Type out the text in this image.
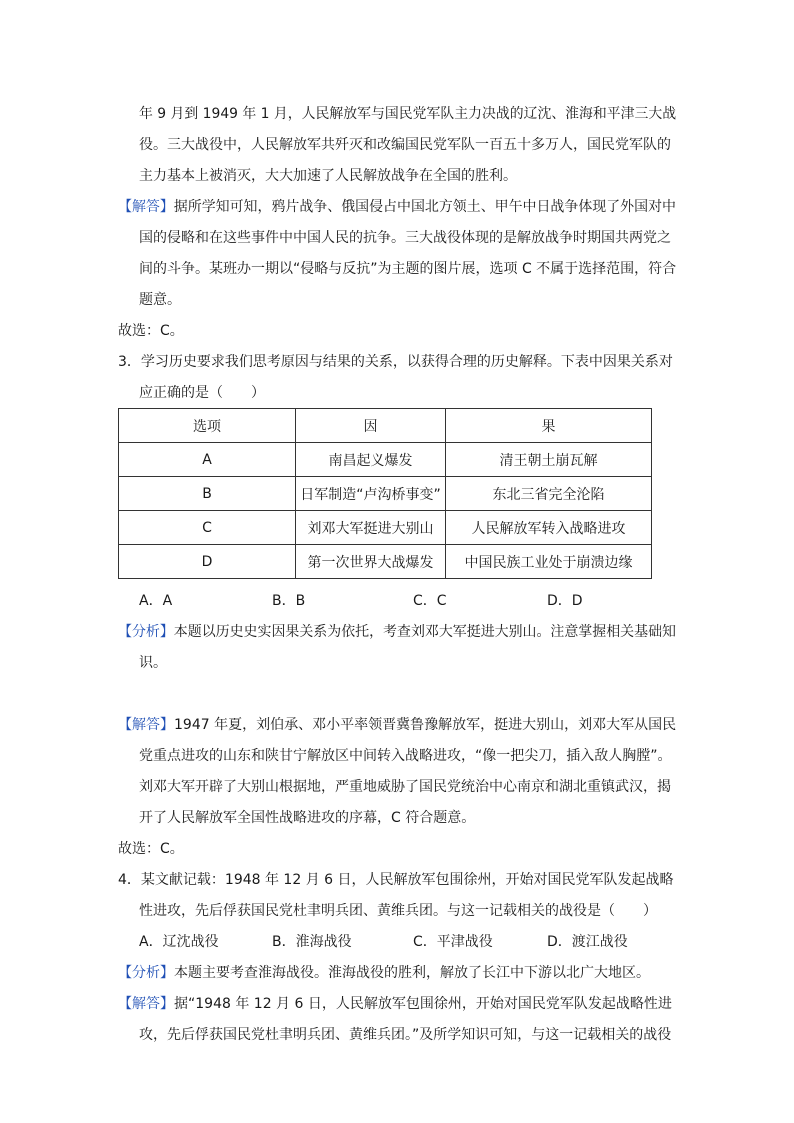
年 9 月到 1949 年 1 月，人民解放军与国民党军队主力决战的辽沈、淮海和平津三大战
役。三大战役中，人民解放军共歼灭和改编国民党军队一百五十多万人，国民党军队的
主力基本上被消灭，大大加速了人民解放战争在全国的胜利。
【解答】据所学知可知，鸦片战争、俄国侵占中国北方领土、甲午中日战争体现了外国对中
国的侵略和在这些事件中中国人民的抗争。三大战役体现的是解放战争时期国共两党之
间的斗争。某班办一期以“侵略与反抗”为主题的图片展，选项 C 不属于选择范围，符合
题意。
故选：C。
3．学习历史要求我们思考原因与结果的关系，以获得合理的历史解释。下表中因果关系对
应正确的是（　　）
选项	因	果
A	南昌起义爆发	清王朝土崩瓦解
B	日军制造“卢沟桥事变”	东北三省完全沦陷
C	刘邓大军挺进大别山	人民解放军转入战略进攻
D	第一次世界大战爆发	中国民族工业处于崩溃边缘
A．A	B．B	C．C	D．D
【分析】本题以历史史实因果关系为依托，考查刘邓大军挺进大别山。注意掌握相关基础知
识。
【解答】1947 年夏，刘伯承、邓小平率领晋冀鲁豫解放军，挺进大别山，刘邓大军从国民
党重点进攻的山东和陕甘宁解放区中间转入战略进攻，“像一把尖刀，插入敌人胸膛”。
刘邓大军开辟了大别山根据地，严重地威胁了国民党统治中心南京和湖北重镇武汉，揭
开了人民解放军全国性战略进攻的序幕，C 符合题意。
故选：C。
4．某文献记载：1948 年 12 月 6 日，人民解放军包围徐州，开始对国民党军队发起战略
性进攻，先后俘获国民党杜聿明兵团、黄维兵团。与这一记载相关的战役是（　　）
A．辽沈战役	B．淮海战役	C．平津战役	D．渡江战役
【分析】本题主要考查淮海战役。淮海战役的胜利，解放了长江中下游以北广大地区。
【解答】据“1948 年 12 月 6 日，人民解放军包围徐州，开始对国民党军队发起战略性进
攻，先后俘获国民党杜聿明兵团、黄维兵团。”及所学知识可知，与这一记载相关的战役
